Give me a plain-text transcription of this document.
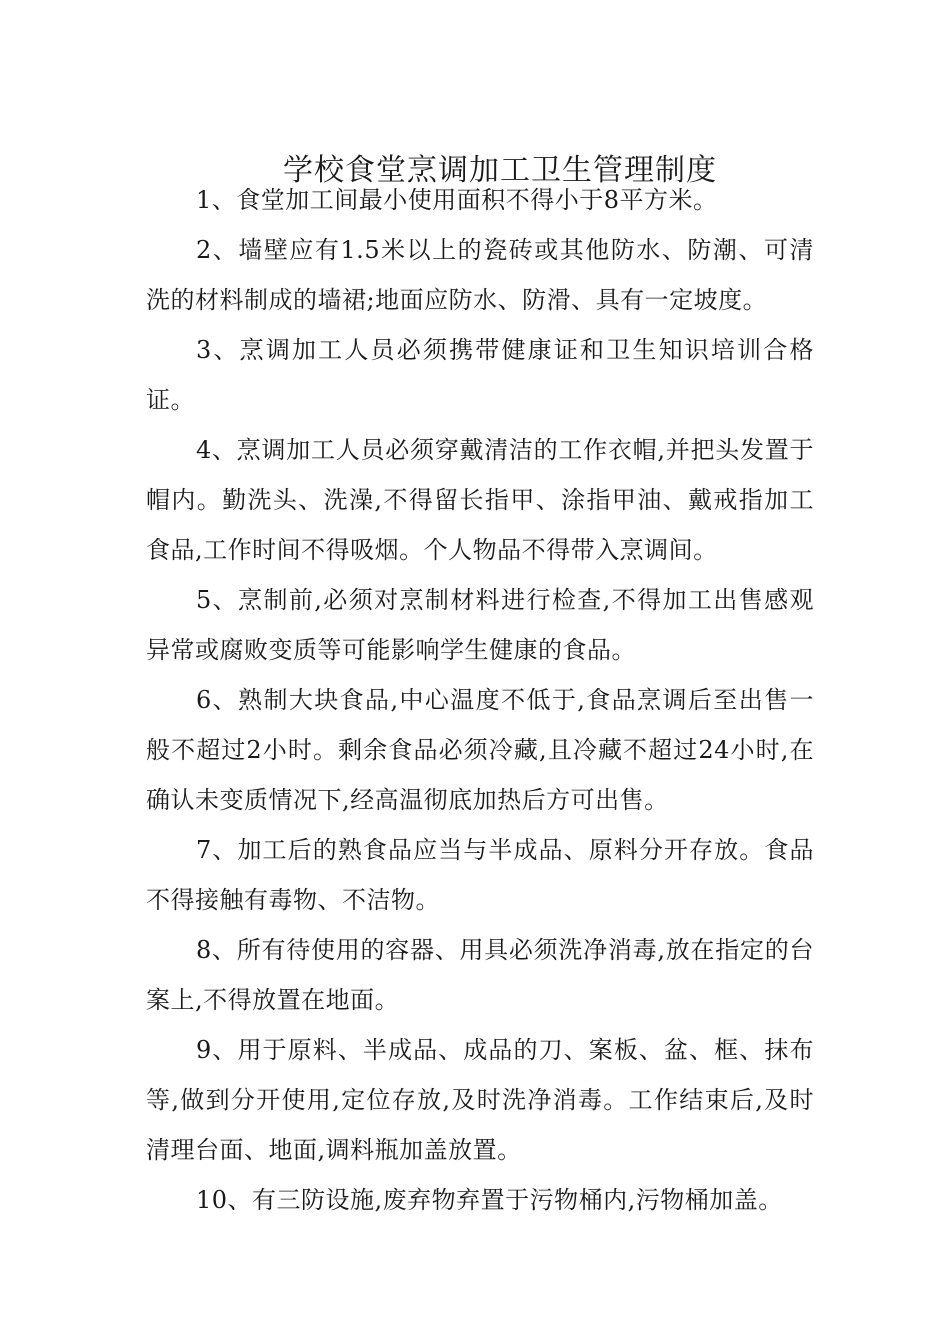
学校食堂烹调加工卫生管理制度

1、食堂加工间最小使用面积不得小于8平方米。

2、墙壁应有1.5米以上的瓷砖或其他防水、防潮、可清洗的材料制成的墙裙;地面应防水、防滑、具有一定坡度。

3、烹调加工人员必须携带健康证和卫生知识培训合格证。

4、烹调加工人员必须穿戴清洁的工作衣帽,并把头发置于帽内。勤洗头、洗澡,不得留长指甲、涂指甲油、戴戒指加工食品,工作时间不得吸烟。个人物品不得带入烹调间。

5、烹制前,必须对烹制材料进行检查,不得加工出售感观异常或腐败变质等可能影响学生健康的食品。

6、熟制大块食品,中心温度不低于,食品烹调后至出售一般不超过2小时。剩余食品必须冷藏,且冷藏不超过24小时,在确认未变质情况下,经高温彻底加热后方可出售。

7、加工后的熟食品应当与半成品、原料分开存放。食品不得接触有毒物、不洁物。

8、所有待使用的容器、用具必须洗净消毒,放在指定的台案上,不得放置在地面。

9、用于原料、半成品、成品的刀、案板、盆、框、抹布等,做到分开使用,定位存放,及时洗净消毒。工作结束后,及时清理台面、地面,调料瓶加盖放置。

10、有三防设施,废弃物弃置于污物桶内,污物桶加盖。
